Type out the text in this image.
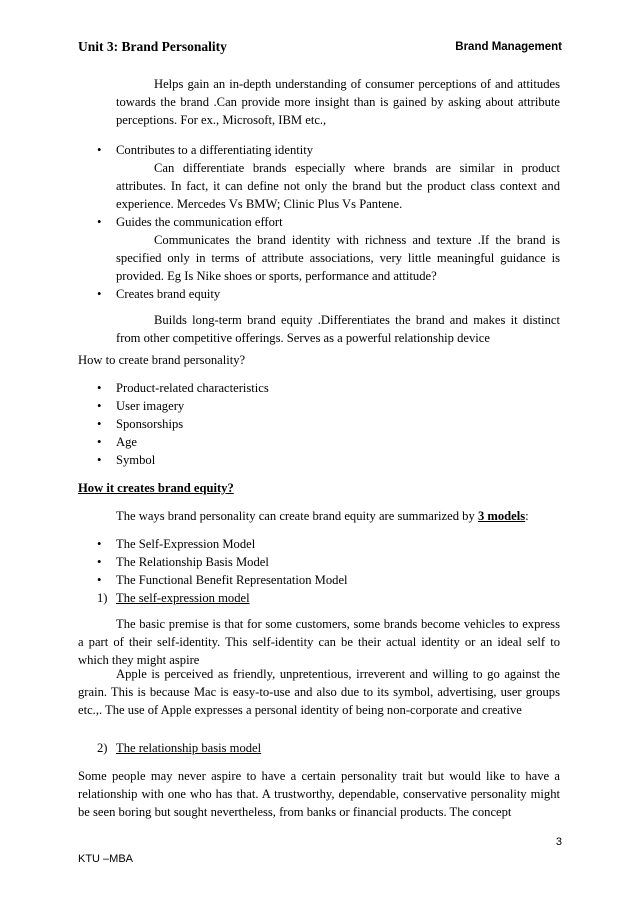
Unit 3: Brand Personality	Brand Management

Helps gain an in-depth understanding of consumer perceptions of and attitudes towards the brand .Can provide more insight than is gained by asking about attribute perceptions. For ex., Microsoft, IBM etc.,

• Contributes to a differentiating identity

Can differentiate brands especially where brands are similar in product attributes. In fact, it can define not only the brand but the product class context and experience. Mercedes Vs BMW; Clinic Plus Vs Pantene.

• Guides the communication effort

Communicates the brand identity with richness and texture .If the brand is specified only in terms of attribute associations, very little meaningful guidance is provided. Eg Is Nike shoes or sports, performance and attitude?

• Creates brand equity

Builds long-term brand equity .Differentiates the brand and makes it distinct from other competitive offerings. Serves as a powerful relationship device

How to create brand personality?
• Product-related characteristics
• User imagery
• Sponsorships
• Age
• Symbol
How it creates brand equity?
The ways brand personality can create brand equity are summarized by 3 models:
• The Self-Expression Model
• The Relationship Basis Model
• The Functional Benefit Representation Model
1) The self-expression model

The basic premise is that for some customers, some brands become vehicles to express a part of their self-identity. This self-identity can be their actual identity or an ideal self to which they might aspire

Apple is perceived as friendly, unpretentious, irreverent and willing to go against the grain. This is because Mac is easy-to-use and also due to its symbol, advertising, user groups etc.,. The use of Apple expresses a personal identity of being non-corporate and creative

2) The relationship basis model

Some people may never aspire to have a certain personality trait but would like to have a relationship with one who has that. A trustworthy, dependable, conservative personality might be seen boring but sought nevertheless, from banks or financial products. The concept

3
KTU –MBA
